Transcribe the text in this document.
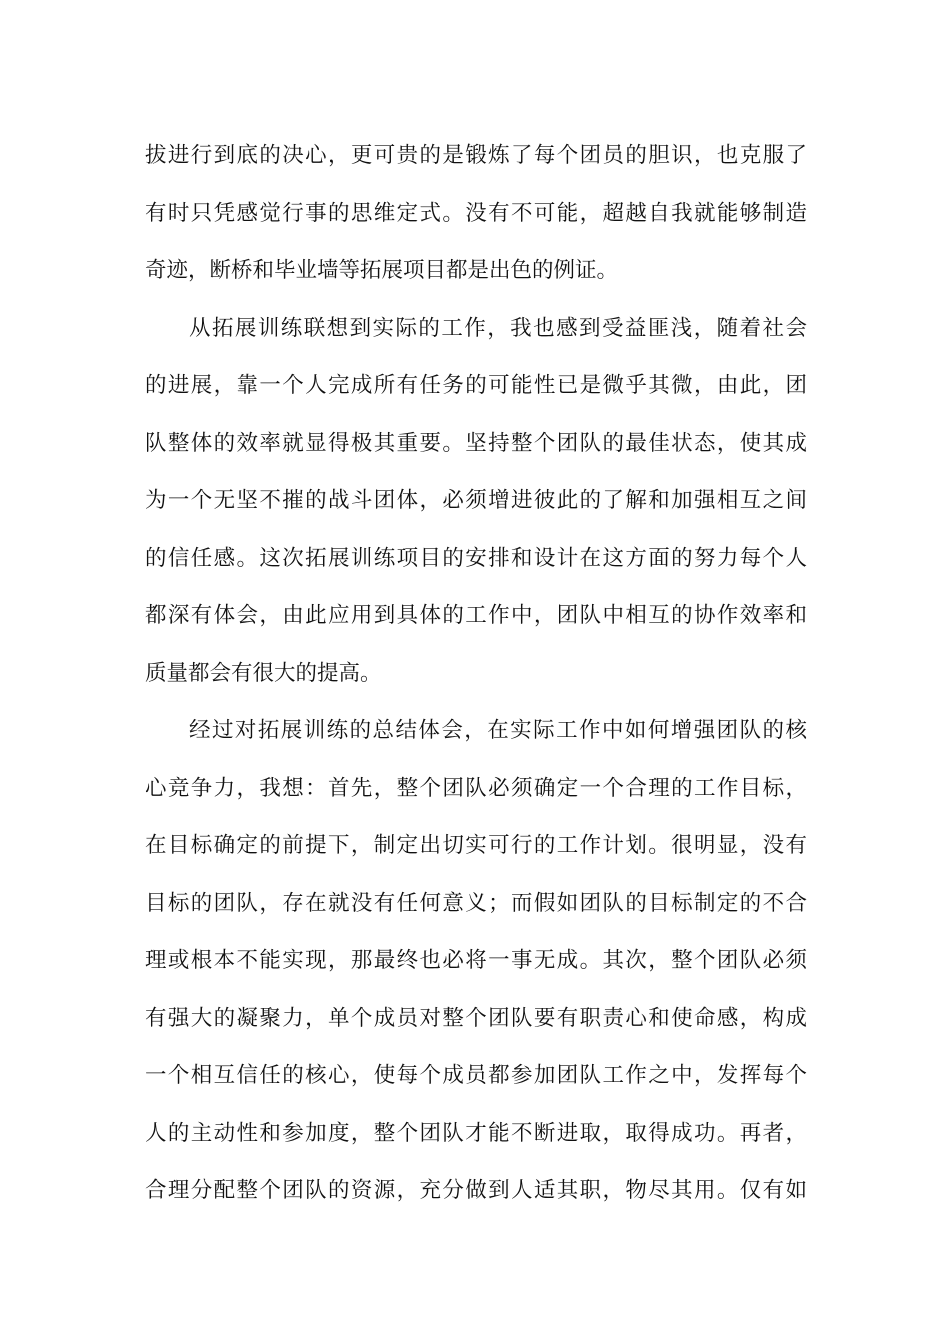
拔进行到底的决心，更可贵的是锻炼了每个团员的胆识，也克服了
有时只凭感觉行事的思维定式。没有不可能，超越自我就能够制造
奇迹，断桥和毕业墙等拓展项目都是出色的例证。
从拓展训练联想到实际的工作，我也感到受益匪浅，随着社会
的进展，靠一个人完成所有任务的可能性已是微乎其微，由此，团
队整体的效率就显得极其重要。坚持整个团队的最佳状态，使其成
为一个无坚不摧的战斗团体，必须增进彼此的了解和加强相互之间
的信任感。这次拓展训练项目的安排和设计在这方面的努力每个人
都深有体会，由此应用到具体的工作中，团队中相互的协作效率和
质量都会有很大的提高。
经过对拓展训练的总结体会，在实际工作中如何增强团队的核
心竞争力，我想：首先，整个团队必须确定一个合理的工作目标，
在目标确定的前提下，制定出切实可行的工作计划。很明显，没有
目标的团队，存在就没有任何意义；而假如团队的目标制定的不合
理或根本不能实现，那最终也必将一事无成。其次，整个团队必须
有强大的凝聚力，单个成员对整个团队要有职责心和使命感，构成
一个相互信任的核心，使每个成员都参加团队工作之中，发挥每个
人的主动性和参加度，整个团队才能不断进取，取得成功。再者，
合理分配整个团队的资源，充分做到人适其职，物尽其用。仅有如
